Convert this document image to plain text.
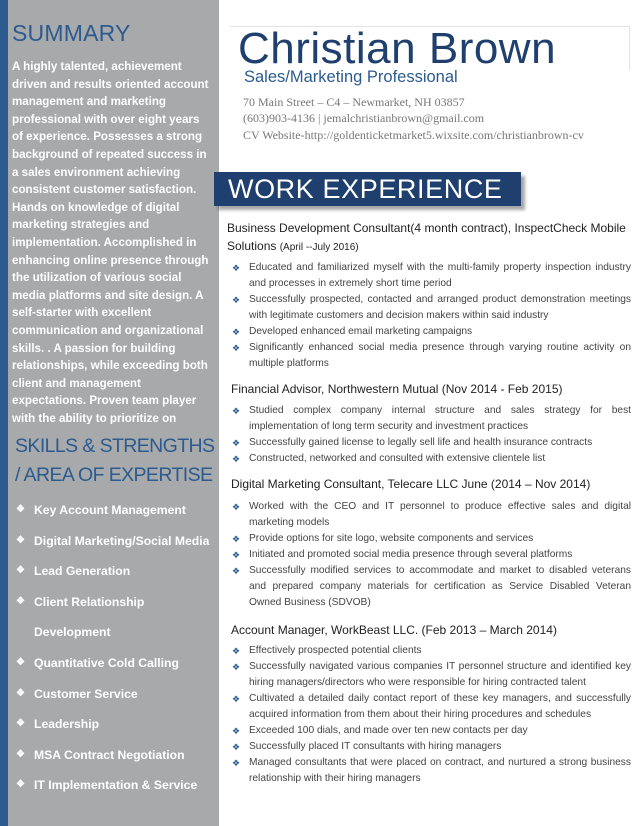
SUMMARY
A highly talented, achievement driven and results oriented account management and marketing professional with over eight years of experience. Possesses a strong background of repeated success in a sales environment achieving consistent customer satisfaction. Hands on knowledge of digital marketing strategies and implementation. Accomplished in enhancing online presence through the utilization of various social media platforms and site design. A self-starter with excellent communication and organizational skills. . A passion for building relationships, while exceeding both client and management expectations. Proven team player with the ability to prioritize on
SKILLS & STRENGTHS / AREA OF EXPERTISE
❖ Key Account Management
❖ Digital Marketing/Social Media
❖ Lead Generation
❖ Client Relationship
Development
❖ Quantitative Cold Calling
❖ Customer Service
❖ Leadership
❖ MSA Contract Negotiation
❖ IT Implementation & Service
Christian Brown
Sales/Marketing Professional
70 Main Street – C4 – Newmarket, NH 03857
(603)903-4136 | jemalchristianbrown@gmail.com
CV Website-http://goldenticketmarket5.wixsite.com/christianbrown-cv
WORK EXPERIENCE
Business Development Consultant(4 month contract), InspectCheck Mobile Solutions (April --July 2016)
❖ Educated and familiarized myself with the multi-family property inspection industry and processes in extremely short time period
❖ Successfully prospected, contacted and arranged product demonstration meetings with legitimate customers and decision makers within said industry
❖ Developed enhanced email marketing campaigns
❖ Significantly enhanced social media presence through varying routine activity on multiple platforms
Financial Advisor, Northwestern Mutual (Nov 2014 - Feb 2015)
❖ Studied complex company internal structure and sales strategy for best implementation of long term security and investment practices
❖ Successfully gained license to legally sell life and health insurance contracts
❖ Constructed, networked and consulted with extensive clientele list
Digital Marketing Consultant, Telecare LLC June (2014 – Nov 2014)
❖ Worked with the CEO and IT personnel to produce effective sales and digital marketing models
❖ Provide options for site logo, website components and services
❖ Initiated and promoted social media presence through several platforms
❖ Successfully modified services to accommodate and market to disabled veterans and prepared company materials for certification as Service Disabled Veteran Owned Business (SDVOB)
Account Manager, WorkBeast LLC. (Feb 2013 – March 2014)
❖ Effectively prospected potential clients
❖ Successfully navigated various companies IT personnel structure and identified key hiring managers/directors who were responsible for hiring contracted talent
❖ Cultivated a detailed daily contact report of these key managers, and successfully acquired information from them about their hiring procedures and schedules
❖ Exceeded 100 dials, and made over ten new contacts per day
❖ Successfully placed IT consultants with hiring managers
❖ Managed consultants that were placed on contract, and nurtured a strong business relationship with their hiring managers
